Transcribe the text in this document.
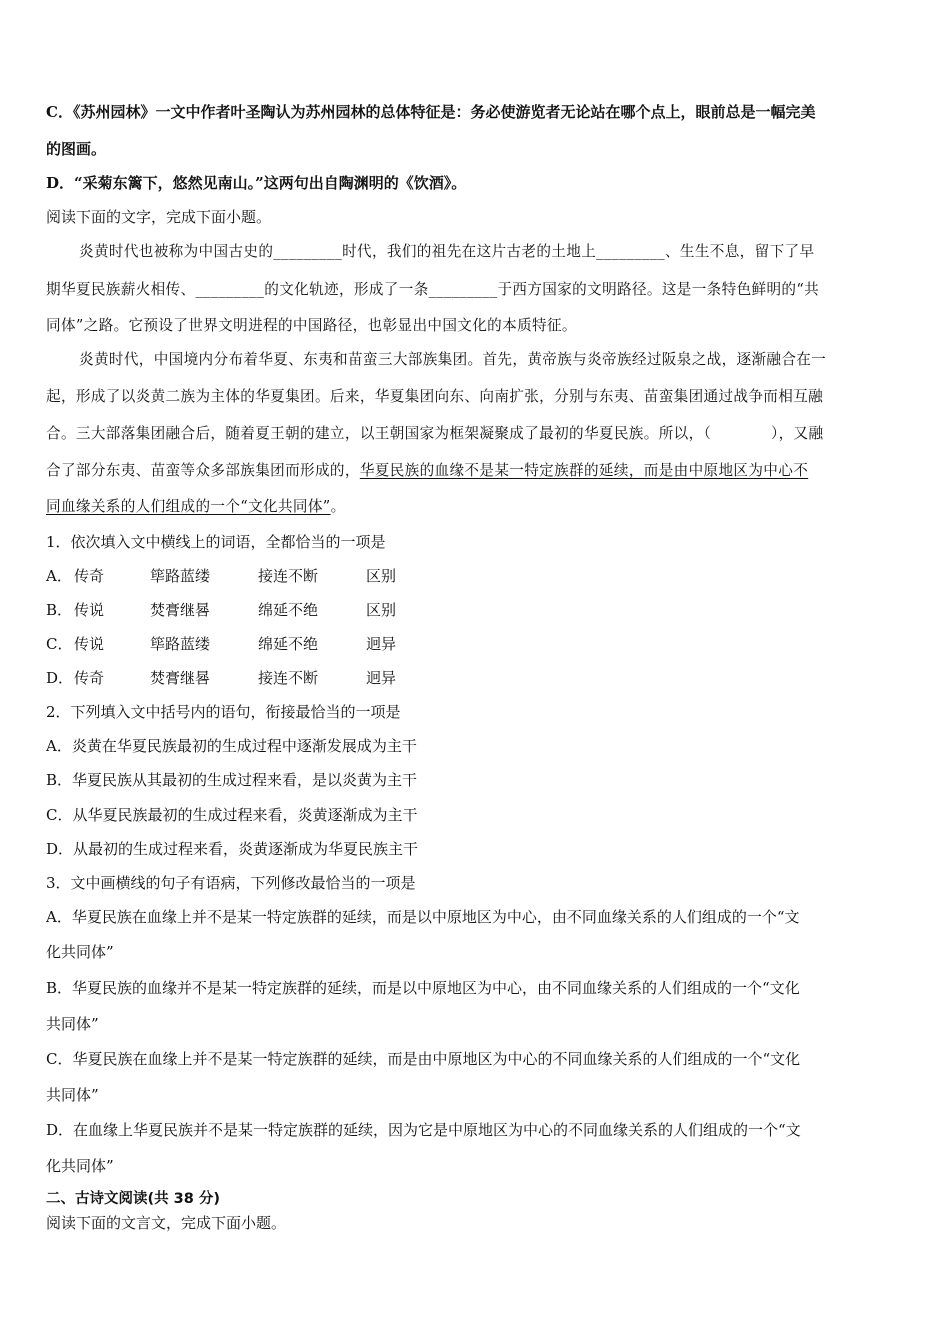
C．《苏州园林》一文中作者叶圣陶认为苏州园林的总体特征是：务必使游览者无论站在哪个点上，眼前总是一幅完美
的图画。
D．“采菊东篱下，悠然见南山。”这两句出自陶渊明的《饮酒》。
阅读下面的文字，完成下面小题。
炎黄时代也被称为中国古史的_________时代，我们的祖先在这片古老的土地上_________、生生不息，留下了早
期华夏民族薪火相传、_________的文化轨迹，形成了一条_________于西方国家的文明路径。这是一条特色鲜明的“共
同体”之路。它预设了世界文明进程的中国路径，也彰显出中国文化的本质特征。
炎黄时代，中国境内分布着华夏、东夷和苗蛮三大部族集团。首先，黄帝族与炎帝族经过阪泉之战，逐渐融合在一
起，形成了以炎黄二族为主体的华夏集团。后来，华夏集团向东、向南扩张，分别与东夷、苗蛮集团通过战争而相互融
合。三大部落集团融合后，随着夏王朝的建立，以王朝国家为框架凝聚成了最初的华夏民族。所以，（　　　　），又融
合了部分东夷、苗蛮等众多部族集团而形成的，华夏民族的血缘不是某一特定族群的延续，而是由中原地区为中心不
同血缘关系的人们组成的一个“文化共同体”。
1．依次填入文中横线上的词语，全都恰当的一项是
A． 传奇	筚路蓝缕	接连不断	区别
B． 传说	焚膏继晷	绵延不绝	区别
C． 传说	筚路蓝缕	绵延不绝	迥异
D．传奇	焚膏继晷	接连不断	迥异
2．下列填入文中括号内的语句，衔接最恰当的一项是
A．炎黄在华夏民族最初的生成过程中逐渐发展成为主干
B．华夏民族从其最初的生成过程来看，是以炎黄为主干
C．从华夏民族最初的生成过程来看，炎黄逐渐成为主干
D．从最初的生成过程来看，炎黄逐渐成为华夏民族主干
3．文中画横线的句子有语病，下列修改最恰当的一项是
A．华夏民族在血缘上并不是某一特定族群的延续，而是以中原地区为中心，由不同血缘关系的人们组成的一个“文
化共同体”
B．华夏民族的血缘并不是某一特定族群的延续，而是以中原地区为中心，由不同血缘关系的人们组成的一个“文化
共同体”
C．华夏民族在血缘上并不是某一特定族群的延续，而是由中原地区为中心的不同血缘关系的人们组成的一个“文化
共同体”
D．在血缘上华夏民族并不是某一特定族群的延续，因为它是中原地区为中心的不同血缘关系的人们组成的一个“文
化共同体”
二、古诗文阅读(共 38 分)
阅读下面的文言文，完成下面小题。
